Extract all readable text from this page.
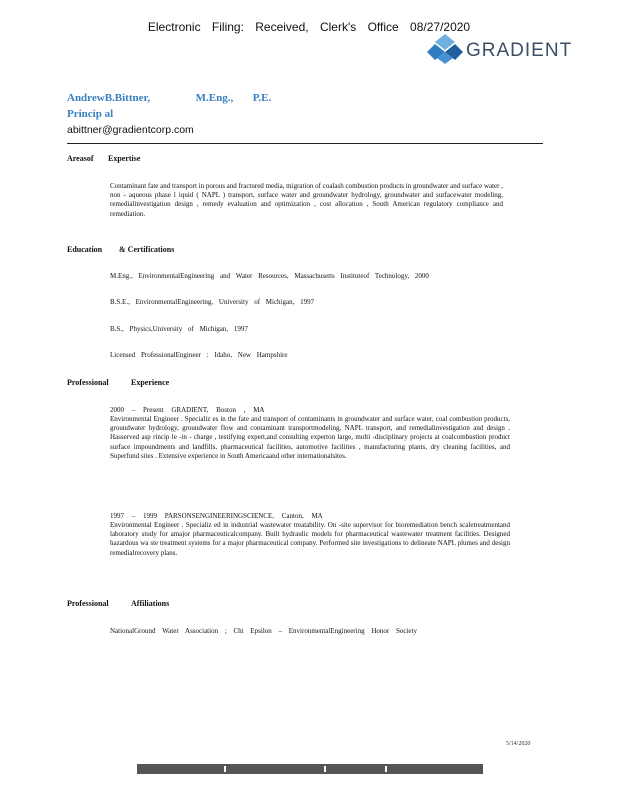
Electronic Filing: Received, Clerk's Office 08/27/2020
GRADIENT
AndrewB.Bittner,	M.Eng., P.E.
Princip al
abittner@gradientcorp.com
Areasof Expertise
Contaminant fate and transport in porous and fractured media, migration of coalash combustion products in groundwater and surface water , non - aqueous phase l iquid ( NAPL ) transport, surface water and groundwater hydrology, groundwater and surfacewater modeling, remedialinvestigation design , remedy evaluation and optimization , cost allocation , South American regulatory compliance and remediation.
Education & Certifications
M.Eng., EnvironmentalEngineering and Water Resources, Massachusetts Instituteof Technology, 2000
B.S.E., EnvironmentalEngineering, University of Michigan, 1997
B.S., Physics,University of Michigan, 1997
Licensed ProfessionalEngineer : Idaho, New Hampshire
Professional	Experience
2000 – Present GRADIENT, Boston , MA
Environmental Engineer . Specializ es in the fate and transport of contaminants in groundwater and surface water, coal combustion products, groundwater hydrology, groundwater flow and contaminant transportmodeling, NAPL transport, and remedialinvestigation and design . Hasserved asp rincip le -in - charge , testifying expert,and consulting experton large, multi -disciplinary projects at coalcombustion product surface impoundments and landfills, pharmaceutical facilities, automotive facilities , manufacturing plants, dry cleaning facilities, and Superfund sites . Extensive experience in South Americaand other internationalsites.
1997 – 1999 PARSONSENGINEERINGSCIENCE, Canton, MA
Environmental Engineer . Specializ ed in industrial wastewater treatability. On -site supervisor for bioremediation bench scaletreatmentand laboratory study for amajor pharmaceuticalcompany. Built hydraulic models for pharmaceutical wastewater treatment facilities. Designed hazardous wa ste treatment systems for a major pharmaceutical company. Performed site investigations to delineate NAPL plumes and design remedialrecovery plans.
Professional	Affiliations
NationalGround Water Association ; Chi Epsilon – EnvironmentalEngineering Honor Society
5/14/2020
